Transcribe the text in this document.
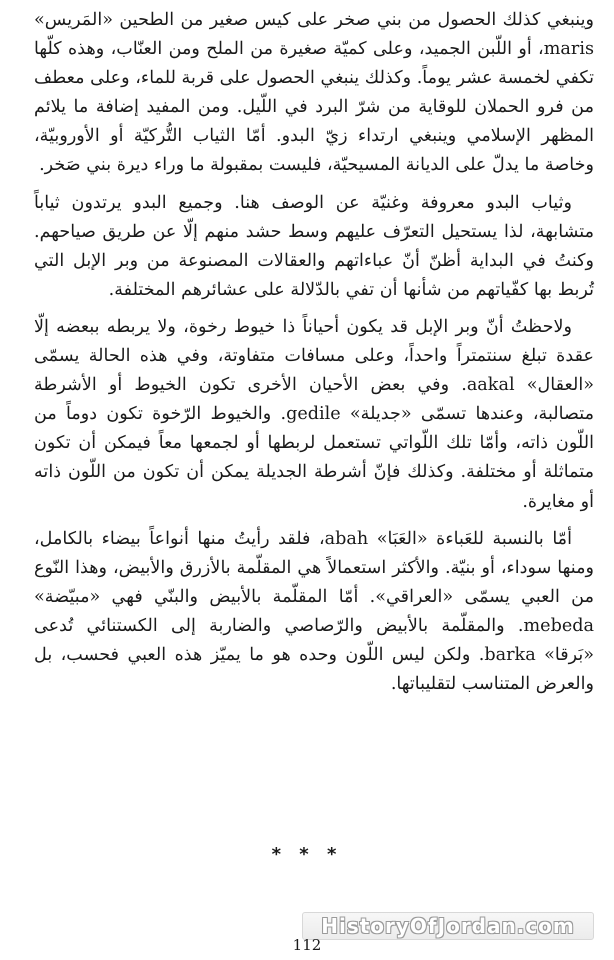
وينبغي كذلك الحصول من بني صخر على كيس صغير من الطحين «المَريس» maris، أو اللّبن الجميد، وعلى كميّة صغيرة من الملح ومن العنّاب، وهذه كلّها تكفي لخمسة عشر يوماً. وكذلك ينبغي الحصول على قربة للماء، وعلى معطف من فرو الحملان للوقاية من شرّ البرد في اللّيل. ومن المفيد إضافة ما يلائم المظهر الإسلامي وينبغي ارتداء زيّ البدو. أمّا الثياب التُّركيّة أو الأوروبيّة، وخاصة ما يدلّ على الديانة المسيحيّة، فليست بمقبولة ما وراء ديرة بني صَخر.

وثياب البدو معروفة وغنيّة عن الوصف هنا. وجميع البدو يرتدون ثياباً متشابهة، لذا يستحيل التعرّف عليهم وسط حشد منهم إلّا عن طريق صياحهم. وكنتُ في البداية أظنّ أنّ عباءاتهم والعقالات المصنوعة من وبر الإبل التي تُربط بها كفّياتهم من شأنها أن تفي بالدّلالة على عشائرهم المختلفة.

ولاحظتُ أنّ وبر الإبل قد يكون أحياناً ذا خيوط رخوة، ولا يربطه ببعضه إلّا عقدة تبلغ سنتمتراً واحداً، وعلى مسافات متفاوتة، وفي هذه الحالة يسمّى «العقال» aakal. وفي بعض الأحيان الأخرى تكون الخيوط أو الأشرطة متصالبة، وعندها تسمّى «جديلة» gedile. والخيوط الرّخوة تكون دوماً من اللّون ذاته، وأمّا تلك اللّواتي تستعمل لربطها أو لجمعها معاً فيمكن أن تكون متماثلة أو مختلفة. وكذلك فإنّ أشرطة الجديلة يمكن أن تكون من اللّون ذاته أو مغايرة.

أمّا بالنسبة للعَباءة «العَبَا» abah، فلقد رأيتُ منها أنواعاً بيضاء بالكامل، ومنها سوداء، أو بنيّة. والأكثر استعمالاً هي المقلّمة بالأزرق والأبيض، وهذا النّوع من العبي يسمّى «العراقي». أمّا المقلّمة بالأبيض والبنّي فهي «مبيّضة» mebeda. والمقلّمة بالأبيض والرّصاصي والضاربة إلى الكستنائي تُدعى «بَرقا» barka. ولكن ليس اللّون وحده هو ما يميّز هذه العبي فحسب، بل والعرض المتناسب لتقليباتها.

* * *
HistoryOfJordan.com
112
